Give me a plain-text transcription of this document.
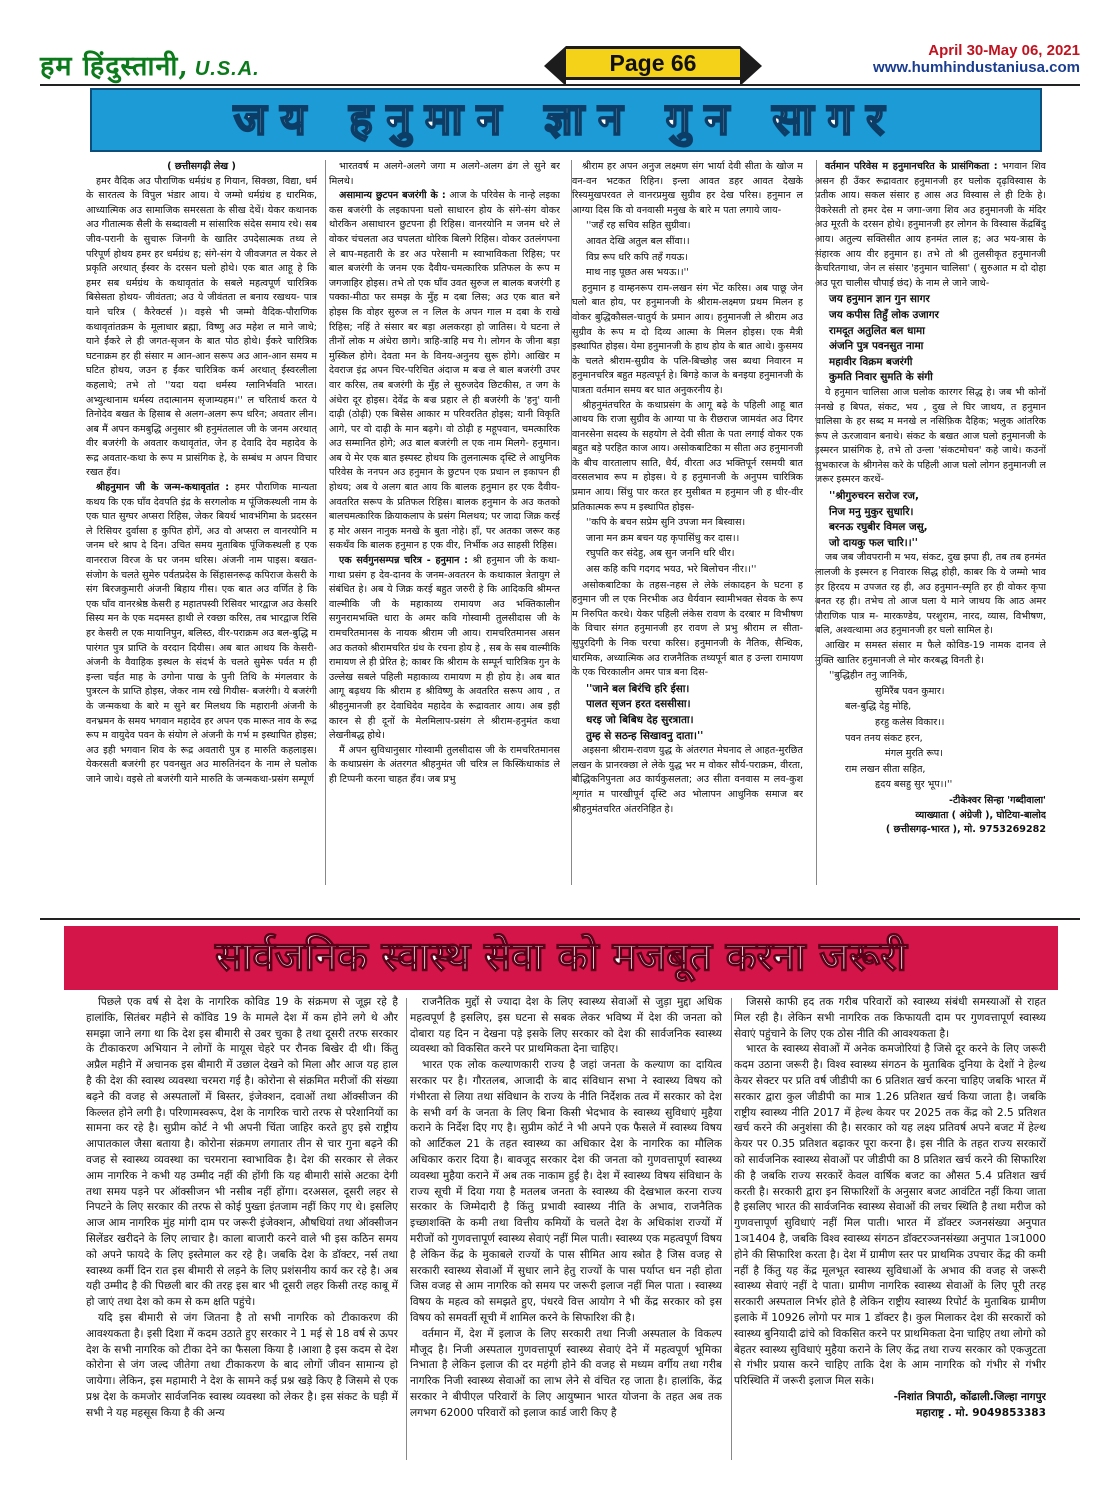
हम हिंदुस्तानी, U.S.A.	Page 66	April 30-May 06, 2021
www.humhindustaniusa.com
जय हनुमान ज्ञान गुन सागर
( छत्तीसगढ़ी लेख )

हमर वैदिक अउ पौराणिक धर्मग्रंथ ह गियान, सिक्छा, विद्या, धर्म के सारतत्व के विपुल भंडार आय। ये जम्मो धर्मग्रंथ ह धारमिक, आध्यात्मिक अउ सामाजिक समरसता के सीख देथें। येकर कथानक अउ गीतात्मक सैली के सब्दावली म सांसारिक संदेस समाय रथे। सब जीव-परानी के सुचारू जिनगी के खातिर उपदेसात्मक तथ्य ले परिपूर्ण होथय हमर हर धर्मग्रंथ ह; संगे-संग ये जीवजगत ल येकर ले प्रकृति अरथात् ईस्वर के दरसन घलो होथे। एक बात आहू हे कि हमर सब धर्मग्रंथ के कथावृतांत के सबले महत्वपूर्ण चारित्रिक बिसेसता होथय- जीवंतता; अउ ये जीवंतता ल बनाय रखथय- पात्र याने चरित्र ( कैरेक्टर्स )। वइसे भी जम्मो वैदिक-पौराणिक कथावृतांतक्रम के मूलाधार ब्रह्मा, विष्णु अउ महेश ल माने जाथे; याने ईंकरे ले ही जगत-सृजन के बात पोठ होथे। ईंकरे चारित्रिक घटनाक्रम हर ही संसार म आन-आन सरूप अउ आन-आन समय म घटित होथय, जउन ह ईंकर चारित्रिक कर्म अरथात् ईस्वरलीला कहलाथे; तभे तो ''यदा यदा धर्मस्य ग्लानिर्भवति भारत। अभ्युत्थानाम धर्मस्य तदात्मानम सृजाम्यहम।'' ल चरितार्थ करत ये तिनोदेव बखत के हिसाब से अलग-अलग रूप धरिन; अवतार लीन। अब मैं अपन कमबुद्धि अनुसार श्री हनुमंतलाल जी के जनम अरथात् वीर बजरंगी के अवतार कथावृतांत, जेन ह देवादि देव महादेव के रूद्र अवतार-कथा के रूप म प्रासंगिक हे, के सम्बंध म अपन विचार रखत हँव।

श्रीहनुमान जी के जन्म-कथावृतांत : हमर पौराणिक मान्यता कथय कि एक घाँव देवपति इंद्र के सरगलोक म पूंजिकस्थली नाम के एक घात सुग्घर अप्सरा रिहिस, जेकर बियर्थ भावभंगिमा के प्रदरसन ले रिसियर दुर्वासा ह कुपित होगें, अउ वो अप्सरा ल वानरयोनि म जनम धरे श्राप दे दिन। उचित समय मुताबिक पूंजिकस्थली ह एक वानरराज विरज के घर जनम धरिस। अंजनी नाम पाइस। बखत-संजोग के चलते सुमेरु पर्वतप्रदेस के सिंहासनरूढ़ कपिराज केसरी के संग बिरजकुमारी अंजनी बिहाय गीस। एक बात अउ वर्णित हे कि एक घाँव वानरश्रेष्ठ केसरी ह महातपस्वी रिसिवर भारद्वाज अउ केसरि सिस्य मन के एक मदमस्त हाथी ले रक्छा करिस, तब भारद्वाज रिसि हर केसरी ल एक मायानिपुन, बलिस्ठ, वीर-पराक्रम अउ बल-बुद्धि म पारंगत पुत्र प्राप्ति के वरदान दियीस। अब बात आथय कि केसरी-अंजनी के वैवाहिक इस्थल के संदर्भ के चलते सुमेरू पर्वत म ही इन्ला चईत माह के उगोना पाख के पुनी तिथि के मंगलवार के पुत्ररत्न के प्राप्ति होइस, जेकर नाम रखे गियीस- बजरंगी। ये बजरंगी के जन्मकथा के बारे म सुने बर मिलथय कि महारानी अंजनी के वनभ्रमन के समय भगवान महादेव हर अपन एक मारूत नाव के रूद्र रूप म वायुदेव पवन के संयोग ले अंजनी के गर्भ म इस्थापित होइस; अउ इही भगवान शिव के रूद्र अवतारी पुत्र ह मारुति कहलाइस। येकरसती बजरंगी हर पवनसुत अउ मारुतिनंदन के नाम ले घलोक जाने जाथे। वइसे तो बजरंगी याने मारुति के जन्मकथा-प्रसंग सम्पूर्ण

भारतवर्ष म अलगे-अलगे जगा म अलगे-अलग ढंग ले सुने बर मिलथे।

असामान्य छुटपन बजरंगी के : आज के परिवेस के नान्हे लइका कस बजरंगी के लइकापना घलो साधारन होय के संगे-संग वोकर थोरकिन असाधारन छुटपना ही रिहिस। वानरयोनि म जनम धरे ले वोकर चंचलता अउ चपलता थोरिक बिलगे रिहिस। वोकर उतलंगपना ले बाप-महतारी के डर अउ परेसानी म स्वाभाविकता रिहिस; पर बाल बजरंगी के जनम एक दैवीय-चमत्कारिक प्रतिफल के रूप म जगजाहिर होइस। तभे तो एक घाँव उवत सुरुज ल बालक बजरंगी ह पक्का-मीठा फर समझ के मुँह म दबा लिस; अउ एक बात बने होइस कि वोहर सुरुज ल न लिल के अपन गाल म दबा के राखे रिहिस; नहिं ते संसार बर बड़ा अलकरहा हो जातिस। ये घटना ले तीनों लोक म अंधेरा छागे। त्राहि-त्राहि मच गे। लोगन के जीना बड़ा मुस्किल होगे। देवता मन के विनय-अनुनय सुरू होगे। आखिर म देवराज इंद्र अपन चिर-परिचित अंदाज म बज्र ले बाल बजरंगी उपर वार करिस, तब बजरंगी के मुँह ले सुरुजदेव छिटकीस, त जग के अंधेरा दूर होइस। देवेंद्र के बज्र प्रहार ले ही बजरंगी के 'हनु' यानी दाढ़ी (ठोढ़ी) एक बिसेस आकार म परिवरतित होइस; यानी विकृति आगे, पर वो दाढ़ी के मान बढ़गे। वो ठोढ़ी ह महूपवान, चमत्कारिक अउ सम्मानित होगे; अउ बाल बजरंगी ल एक नाम मिलगे- हनुमान। अब ये मेर एक बात इस्पस्ट होथय कि तुलनात्मक दृस्टि ले आधुनिक परिवेस के ननपन अउ हनुमान के छुटपन एक प्रधान ल इकापन ही होथय; अब ये अलग बात आय कि बालक हनुमान हर एक दैवीय-अवतरित सरूप के प्रतिफल रिहिस। बालक हनुमान के अउ कतको बालचमत्कारिक क्रियाकलाप के प्रसंग मिलथय; पर जादा जिक्र करई ह मोर असन नानुक मनखे के बुता नोहे। हाँ, पर अतका जरूर कह सकथँव कि बालक हनुमान ह एक वीर, निर्भीक अउ साहसी रिहिस।

एक सर्वगुनसम्पन्न चरित्र - हनुमान : श्री हनुमान जी के कथा-गाथा प्रसंग ह देव-दानव के जनम-अवतरन के कथाकाल त्रेतायुग ले संबंधित हे। अब ये जिक्र करई बहुत जरुरी हे कि आदिकवि श्रीमन्त वाल्मीकि जी के महाकाव्य रामायण अउ भक्तिकालीन सगुनरामभक्ति धारा के अमर कवि गोस्वामी तुलसीदास जी के रामचरितमानस के नायक श्रीराम जी आय। रामचरितमानस असन अउ कतको श्रीरामचरित ग्रंथ के रचना होय हे , सब के सब वाल्मीकि रामायण ले ही प्रेरित हे; काबर कि श्रीराम के सम्पूर्न चारित्रिक गुन के उल्लेख सबले पहिली महाकाव्य रामायण म ही होय हे। अब बात आगू बढ़थय कि श्रीराम ह श्रीविष्णु के अवतरित सरूप आय , त श्रीहनुमानजी हर देवाधिदेव महादेव के रूद्रावतार आय। अब इही कारन से ही दूनों के मेलमिलाप-प्रसंग ले श्रीराम-हनुमंत कथा लेखनीबद्ध होथे।

मैं अपन सुविधानुसार गोस्वामी तुलसीदास जी के रामचरितमानस के कथाप्रसंग के अंतरगत श्रीहनुमंत जी चरित्र ल किस्किंधाकांड ले ही टिप्पनी करना चाहत हँव। जब प्रभु

श्रीराम हर अपन अनुज लक्ष्मण संग भार्या देवी सीता के खोज म वन-वन भटकत रिहिन। इन्ला आवत डहर आवत देखके रिस्यमुखपरवत ले वानरप्रमुख सुग्रीव हर देख परिस। हनुमान ल आग्या दिस कि वो वनवासी मनुख के बारे म पता लगाये जाय-

''जहँ रह सचिव सहित सुग्रीवा।
आवत देखि अतुल बल सींवा।।
विप्र रूप धरि कपि तहँ गयऊ।
माथ नाइ पूछत अस भयऊ।।''

हनुमान ह वाम्हनरूप राम-लखन संग भेंट करिस। अब पाछू जेन घलो बात होय, पर हनुमानजी के श्रीराम-लक्ष्मण प्रथम मिलन ह वोकर बुद्धिकौसल-चातुर्य के प्रमान आय। हनुमानजी ले श्रीराम अउ सुग्रीव के रूप म दो दिव्य आत्मा के मिलन होइस। एक मैत्री इस्थापित होइस। येमा हनुमानजी के हाथ होय के बात आथे। कुसमय के चलते श्रीराम-सुग्रीव के पलि-बिच्छोह जस ब्यथा निवारन म हनुमानचरित्र बहुत महत्वपूर्न हे। बिगड़े काज के बनइया हनुमानजी के पात्रता वर्तमान समय बर घात अनुकरनीय हे।

श्रीहनुमंतचरित के कथाप्रसंग के आगू बढ़े के पहिली आहू बात आथय कि राजा सुग्रीव के आग्या पा के रीछराज जामवंत अउ दिगर वानरसेना सदस्य के सहयोग ले देवी सीता के पता लगाई वोकर एक बहुत बड़े परहित काज आय। असोकबाटिका म सीता अउ हनुमानजी के बीच वारतालाप साति, धैर्य, वीरता अउ भक्तिपूर्न रसमयी बात वरसलभाव रूप म होइस। ये ह हनुमानजी के अनुपम चारित्रिक प्रमान आय। सिंधु पार करत हर मुसीबत म हनुमान जी ह धीर-वीर प्रतिकात्मक रूप म इस्थापित होइस-

''कपि के बचन सप्रेम सुनि उपजा मन बिस्वास।
जाना मन क्रम बचन यह कृपासिंधु कर दास।।
रघुपति कर संदेहु, अब सुन जननि धरि धीर।
अस कहि कपि गदगद भयउ, भरे बिलोचन नीर।।''

असोकबाटिका के तहस-नहस ले लेके लंकादहन के घटना ह हनुमान जी ल एक निरभीक अउ धैर्यवान स्वामीभक्त सेवक के रूप म निरुपित करथे। येकर पहिली लंकेस रावण के दरबार म विभीषण के विचार संगत हनुमानजी हर रावण ले प्रभु श्रीराम ल सीता-सुपुरदिगी के निक चरचा करिस। हनुमानजी के नैतिक, सैन्धिक, धारमिक, अध्यात्मिक अउ राजनैतिक तथ्यपूर्न बात ह उन्ला रामायण के एक चिरकालीन अमर पात्र बना दिस-

''जाने बल बिरंचि हरि ईसा।
पालत सृजन हरत दससीसा।
धरइ जो बिबिध देह सुरत्राता।
तुम्ह से सठन्ह सिखावनु दाता।''

अइसना श्रीराम-रावण युद्ध के अंतरगत मेघनाद ले आहत-मुरछित लखन के प्रानरक्छा ले लेके युद्ध भर म वोकर सौर्य-पराक्रम, वीरता, बौद्धिकनिपुनता अउ कार्यकुसलता; अउ सीता वनवास म लव-कुश शृगांत म पारखीपूर्न दृस्टि अउ भोलापन आधुनिक समाज बर श्रीहनुमंतचरित अंतरनिहित हे।

वर्तमान परिवेस म हनुमानचरित के प्रासंगिकता : भगवान शिव असन ही उँकर रूद्रावतार हनुमानजी हर घलोक दृढ़विस्वास के प्रतीक आय। सकल संसार ह आस अउ विस्वास ले ही टिके हे। येकरेसती तो हमर देस म जगा-जगा शिव अउ हनुमानजी के मंदिर अउ मूरती के दरसन होथे। हनुमानजी हर लोगन के विस्वास केंद्रबिंदु आय। अतुल्य सक्तिसीत आय हनमंत लाल ह; अउ भय-त्रास के संहारक आय वीर हनुमान ह। तभे तो श्री तुलसीकृत हनुमानजी केचरितगाथा, जेन ल संसार 'हनुमान चालिसा' ( सुरुआत म दो दोहा अउ पूरा चालीस चौपाई छंद) के नाम ले जाने जाथे-

जय हनुमान ज्ञान गुन सागर
जय कपीस तिहुँ लोक उजागर
रामदूत अतुलित बल धामा
अंजनि पुत्र पवनसुत नामा
महावीर विक्रम बजरंगी
कुमति निवार सुमति के संगी

ये हनुमान चालिसा आज घलोक कारगर सिद्ध हे। जब भी कोनों मनखे ह बिपत, संकट, भय , दुख ले घिर जाथय, त हनुमान चालिसा के हर सब्द म मनखे ल नसिफ़िक दैहिक; भलुक आंतरिक रूप ले ऊरजावान बनाथे। संकट के बखत आज घलो हनुमानजी के इस्मरन प्रासंगिक हे, तभे तो उन्ला 'संकटमोचन' कहे जाथे। कउनों सुभकारज के श्रीगनेस करे के पहिली आज घलो लोगन हनुमानजी ल जरूर इस्मरन करथें-

''श्रीगुरुचरन सरोज रज,
निज मनु मुकुर सुधारि।
बरनऊ रघुबीर विमल जसु,
जो दायकु फल चारि।।''

जब जब जीवपरानी म भय, संकट, दुख झपा ही, तब तब हनमंत लालजी के इस्मरन ह निवारक सिद्ध होही, काबर कि ये जम्मो भाव हर हिरदय म उपजत रह ही, अउ हनुमान-स्मृति हर ही वोकर कृपा बनत रह ही। तभेच तो आज घला ये माने जाथय कि आठ अमर पौराणिक पात्र म- मारकण्डेय, परशुराम, नारद, व्यास, विभीषण, बलि, अश्वत्थामा अउ हनुमानजी हर घलो सामिल हे।

आखिर म समस्त संसार म फैले कोविड-19 नामक दानव ले मुक्ति खातिर हनुमानजी ले मोर करबद्ध विनती हे।

''बुद्धिहीन तनु जानिकें,
सुमिरैंब पवन कुमार।
बल-बुद्धि देहु मोहि,
हरहु कलेस विकार।।
पवन तनय संकट हरन,
मंगल मुरति रूप।
राम लखन सीता सहित,
हृदय बसहु सुर भूप।।''
-टीकेश्वर सिन्हा 'गब्दीवाला'
व्याख्याता ( अंग्रेजी ), घोटिया-बालोद
( छत्तीसगढ़-भारत ), मो. 9753269282
सार्वजनिक स्वास्थ सेवा को मजबूत करना जरूरी

पिछले एक वर्ष से देश के नागरिक कोविड 19 के संक्रमण से जूझ रहे है हालांकि, सितंबर महीने से कॉविड 19 के मामले देश में कम होने लगे थे और समझा जाने लगा था कि देश इस बीमारी से उबर चुका है तथा दूसरी तरफ सरकार के टीकाकरण अभियान ने लोगों के मायूस चेहरे पर रौनक बिखेर दी थी। किंतु अप्रैल महीने में अचानक इस बीमारी में उछाल देखने को मिला और आज यह हाल है की देश की स्वास्थ व्यवस्था चरमरा गई है। कोरोना से संक्रमित मरीजों की संख्या बढ़ने की वजह से अस्पतालों में बिस्तर, इंजेक्शन, दवाओं तथा ऑक्सीजन की किल्लत होने लगी है। परिणामस्वरूप, देश के नागरिक चारो तरफ से परेशानियों का सामना कर रहे है। सुप्रीम कोर्ट ने भी अपनी चिंता जाहिर करते हुए इसे राष्ट्रीय आपातकाल जैसा बताया है। कोरोना संक्रमण लगातार तीन से चार गुना बढ़ने की वजह से स्वास्थ्य व्यवस्था का चरमराना स्वाभाविक है। देश की सरकार से लेकर आम नागरिक ने कभी यह उम्मीद नहीं की होंगी कि यह बीमारी सांसे अटका देगी तथा समय पड़ने पर ऑक्सीजन भी नसीब नहीं होंगा। दरअसल, दूसरी लहर से निपटने के लिए सरकार की तरफ से कोई पुख्ता इंतजाम नहीं किए गए थे। इसलिए आज आम नागरिक मुंह मांगी दाम पर जरूरी इंजेक्शन, औषधियां तथा ऑक्सीजन सिलेंडर खरीदने के लिए लाचार है। काला बाजारी करने वाले भी इस कठिन समय को अपने फायदे के लिए इस्तेमाल कर रहे है। जबकि देश के डॉक्टर, नर्स तथा स्वास्थ्य कर्मी दिन रात इस बीमारी से लड़ने के लिए प्रशंसनीय कार्य कर रहे है। अब यही उम्मीद है की पिछली बार की तरह इस बार भी दूसरी लहर किसी तरह काबू में हो जाएं तथा देश को कम से कम क्षति पहुंचे।

यदि इस बीमारी से जंग जितना है तो सभी नागरिक को टीकाकरण की आवश्यकता है। इसी दिशा में कदम उठाते हुए सरकार ने 1 मई से 18 वर्ष से ऊपर देश के सभी नागरिक को टीका देने का फैसला किया है ।आशा है इस कदम से देश कोरोना से जंग जल्द जीतेगा तथा टीकाकरण के बाद लोगों जीवन सामान्य हो जायेगा। लेकिन, इस महामारी ने देश के सामने कई प्रश्न खड़े किए है जिसमे से एक प्रश्न देश के कमजोर सार्वजनिक स्वास्थ व्यवस्था को लेकर है। इस संकट के घड़ी में सभी ने यह महसूस किया है की अन्य

राजनैतिक मुद्दों से ज्यादा देश के लिए स्वास्थ्य सेवाओं से जुड़ा मुद्दा अधिक महत्वपूर्ण है इसलिए, इस घटना से सबक लेकर भविष्य में देश की जनता को दोबारा यह दिन न देखना पड़े इसके लिए सरकार को देश की सार्वजनिक स्वास्थ्य व्यवस्था को विकसित करने पर प्राथमिकता देना चाहिए।

भारत एक लोक कल्याणकारी राज्य है जहां जनता के कल्याण का दायित्व सरकार पर है। गौरतलब, आजादी के बाद संविधान सभा ने स्वास्थ्य विषय को गंभीरता से लिया तथा संविधान के राज्य के नीति निर्देशक तत्व में सरकार को देश के सभी वर्ग के जनता के लिए बिना किसी भेदभाव के स्वास्थ्य सुविधाएं मुहैया कराने के निर्देश दिए गए है। सुप्रीम कोर्ट ने भी अपने एक फैसले में स्वास्थ्य विषय को आर्टिकल 21 के तहत स्वास्थ्य का अधिकार देश के नागरिक का मौलिक अधिकार करार दिया है। बावजूद सरकार देश की जनता को गुणवत्तापूर्ण स्वास्थ्य व्यवस्था मुहैया कराने में अब तक नाकाम हुई है। देश में स्वास्थ्य विषय संविधान के राज्य सूची में दिया गया है मतलब जनता के स्वास्थ्य की देखभाल करना राज्य सरकार के जिम्मेदारी है किंतु प्रभावी स्वास्थ्य नीति के अभाव, राजनैतिक इच्छाशक्ति के कमी तथा वित्तीय कमियों के चलते देश के अधिकांश राज्यों में मरीजों को गुणवत्तापूर्ण स्वास्थ्य सेवाएं नहीं मिल पाती। स्वास्थ्य एक महत्वपूर्ण विषय है लेकिन केंद्र के मुकाबले राज्यों के पास सीमित आय स्त्रोत है जिस वजह से सरकारी स्वास्थ्य सेवाओं में सुधार लाने हेतु राज्यों के पास पर्याप्त धन नही होता जिस वजह से आम नागरिक को समय पर जरूरी इलाज नहीं मिल पाता । स्वास्थ्य विषय के महत्व को समझते हुए, पंधरवे वित्त आयोग ने भी केंद्र सरकार को इस विषय को समवर्ती सूची में शामिल करने के सिफारिश की है।

वर्तमान में, देश में इलाज के लिए सरकारी तथा निजी अस्पताल के विकल्प मौजूद है। निजी अस्पताल गुणवत्तापूर्ण स्वास्थ्य सेवाएं देने में महत्वपूर्ण भूमिका निभाता है लेकिन इलाज की दर महंगी होने की वजह से मध्यम वर्गीय तथा गरीब नागरिक निजी स्वास्थ्य सेवाओं का लाभ लेने से वंचित रह जाता है। हालांकि, केंद्र सरकार ने बीपीएल परिवारों के लिए आयुष्मान भारत योजना के तहत अब तक लगभग 62000 परिवारों को इलाज कार्ड जारी किए है

जिससे काफी हद तक गरीब परिवारों को स्वास्थ्य संबंधी समस्याओं से राहत मिल रही है। लेकिन सभी नागरिक तक किफायती दाम पर गुणवत्तापूर्ण स्वास्थ्य सेवाएं पहुंचाने के लिए एक ठोस नीति की आवश्यकता है।

भारत के स्वास्थ्य सेवाओं में अनेक कमजोरियां है जिसे दूर करने के लिए जरूरी कदम उठाना जरूरी है। विश्व स्वास्थ्य संगठन के मुताबिक दुनिया के देशों ने हेल्थ केयर सेक्टर पर प्रति वर्ष जीडीपी का 6 प्रतिशत खर्च करना चाहिए जबकि भारत में सरकार द्वारा कुल जीडीपी का मात्र 1.26 प्रतिशत खर्च किया जाता है। जबकि राष्ट्रीय स्वास्थ्य नीति 2017 में हेल्थ केयर पर 2025 तक केंद्र को 2.5 प्रतिशत खर्च करने की अनुशंसा की है। सरकार को यह लक्ष्य प्रतिवर्ष अपने बजट में हेल्थ केयर पर 0.35 प्रतिशत बढ़ाकर पूरा करना है। इस नीति के तहत राज्य सरकारों को सार्वजनिक स्वास्थ्य सेवाओं पर जीडीपी का 8 प्रतिशत खर्च करने की सिफारिश की है जबकि राज्य सरकारें केवल वार्षिक बजट का औसत 5.4 प्रतिशत खर्च करती है। सरकारी द्वारा इन सिफारिशों के अनुसार बजट आवंटित नहीं किया जाता है इसलिए भारत की सार्वजनिक स्वास्थ्य सेवाओं की लचर स्थिति है तथा मरीज को गुणवत्तापूर्ण सुविधाएं नहीं मिल पाती। भारत में डॉक्टर ञ्जनसंख्या अनुपात 1ञ1404 है, जबकि विश्व स्वास्थ्य संगठन डॉक्टरञ्जनसंख्या अनुपात 1ञ1000 होने की सिफारिश करता है। देश में ग्रामीण स्तर पर प्राथमिक उपचार केंद्र की कमी नहीं है किंतु यह केंद्र मूलभूत स्वास्थ्य सुविधाओं के अभाव की वजह से जरूरी स्वास्थ्य सेवाएं नहीं दे पाता। ग्रामीण नागरिक स्वास्थ्य सेवाओं के लिए पूरी तरह सरकारी अस्पताल निर्भर होते है लेकिन राष्ट्रीय स्वास्थ्य रिपोर्ट के मुताबिक ग्रामीण इलाके में 10926 लोगो पर मात्र 1 डॉक्टर है। कुल मिलाकर देश की सरकारों को स्वास्थ्य बुनियादी ढांचे को विकसित करने पर प्राथमिकता देना चाहिए तथा लोगो को बेहतर स्वास्थ्य सुविधाएं मुहैया कराने के लिए केंद्र तथा राज्य सरकार को एकजुटता से गंभीर प्रयास करने चाहिए ताकि देश के आम नागरिक को गंभीर से गंभीर परिस्थिति में जरूरी इलाज मिल सके।

-निशांत त्रिपाठी, कोंढाली.जिल्हा नागपुर
महाराष्ट्र . मो. 9049853383
